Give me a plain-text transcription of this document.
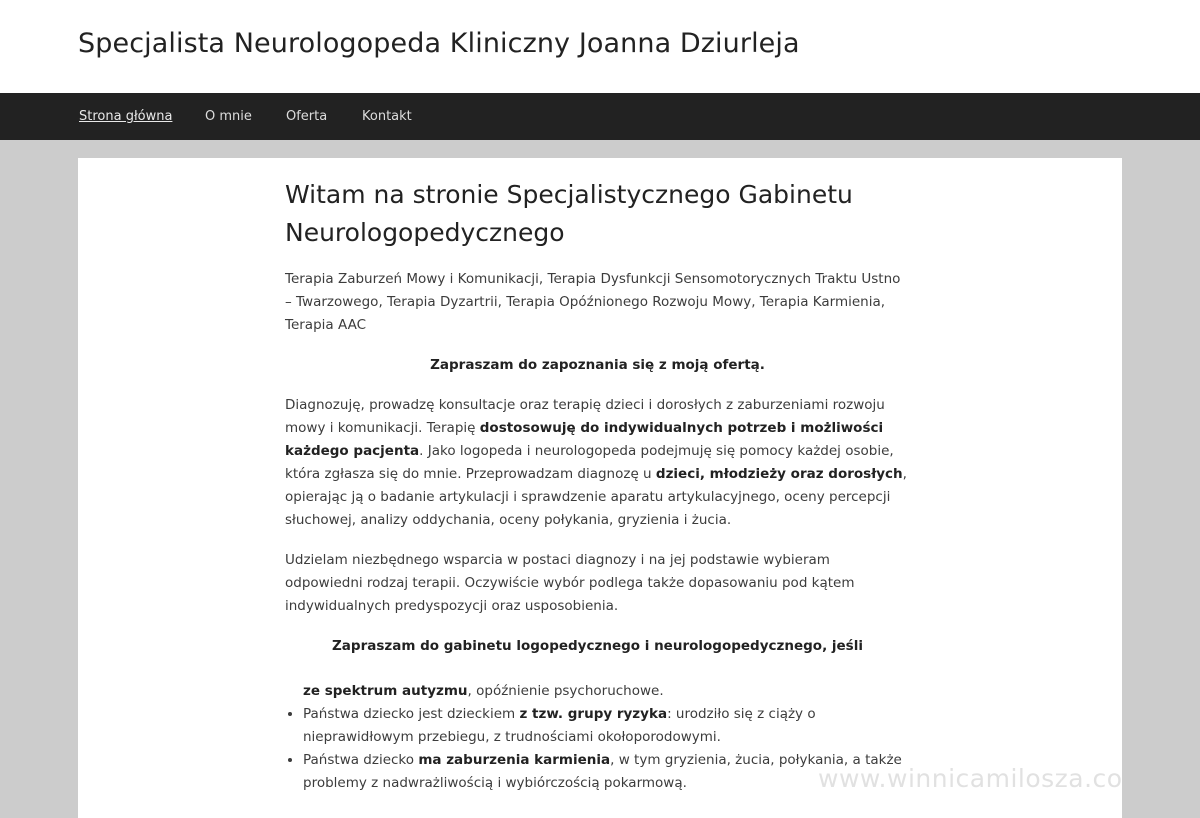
Specjalista Neurologopeda Kliniczny Joanna Dziurleja
Strona główna	O mnie	Oferta	Kontakt
Witam na stronie Specjalistycznego Gabinetu
Neurologopedycznego

Terapia Zaburzeń Mowy i Komunikacji, Terapia Dysfunkcji Sensomotorycznych Traktu Ustno – Twarzowego, Terapia Dyzartrii, Terapia Opóźnionego Rozwoju Mowy, Terapia Karmienia, Terapia AAC

Zapraszam do zapoznania się z moją ofertą.

Diagnozuję, prowadzę konsultacje oraz terapię dzieci i dorosłych z zaburzeniami rozwoju mowy i komunikacji. Terapię dostosowuję do indywidualnych potrzeb i możliwości każdego pacjenta. Jako logopeda i neurologopeda podejmuję się pomocy każdej osobie, która zgłasza się do mnie. Przeprowadzam diagnozę u dzieci, młodzieży oraz dorosłych, opierając ją o badanie artykulacji i sprawdzenie aparatu artykulacyjnego, oceny percepcji słuchowej, analizy oddychania, oceny połykania, gryzienia i żucia.

Udzielam niezbędnego wsparcia w postaci diagnozy i na jej podstawie wybieram odpowiedni rodzaj terapii. Oczywiście wybór podlega także dopasowaniu pod kątem indywidualnych predyspozycji oraz usposobienia.

Zapraszam do gabinetu logopedycznego i neurologopedycznego, jeśli

ze spektrum autyzmu, opóźnienie psychoruchowe.
• Państwa dziecko jest dzieckiem z tzw. grupy ryzyka: urodziło się z ciąży o nieprawidłowym przebiegu, z trudnościami okołoporodowymi.
• Państwa dziecko ma zaburzenia karmienia, w tym gryzienia, żucia, połykania, a także problemy z nadwrażliwością i wybiórczością pokarmową.	www.winnicamilosza.co
